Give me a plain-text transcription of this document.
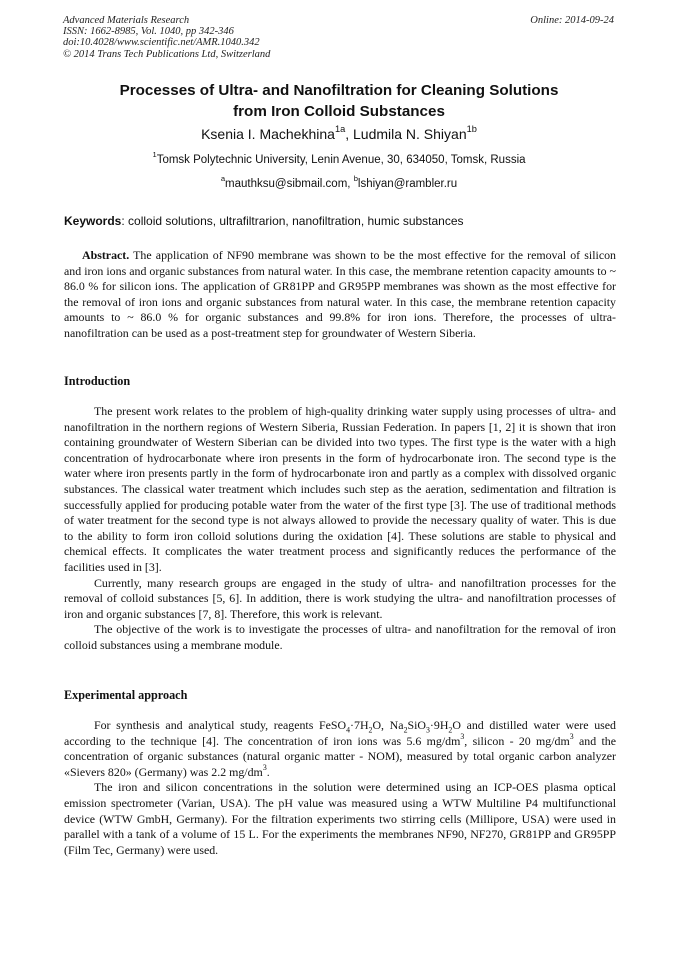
Advanced Materials Research
ISSN: 1662-8985, Vol. 1040, pp 342-346
doi:10.4028/www.scientific.net/AMR.1040.342
© 2014 Trans Tech Publications Ltd, Switzerland
Online: 2014-09-24
Processes of Ultra- and Nanofiltration for Cleaning Solutions
from Iron Colloid Substances
Ksenia I. Machekhina$^{1a}$, Ludmila N. Shiyan$^{1b}$
$^1$Tomsk Polytechnic University, Lenin Avenue, 30, 634050, Tomsk, Russia
$^a$mauthksu@sibmail.com, $^b$lshiyan@rambler.ru
Keywords: colloid solutions, ultrafiltrarion, nanofiltration, humic substances

Abstract. The application of NF90 membrane was shown to be the most effective for the removal of silicon and iron ions and organic substances from natural water. In this case, the membrane retention capacity amounts to ~ 86.0 % for silicon ions. The application of GR81PP and GR95PP membranes was shown as the most effective for the removal of iron ions and organic substances from natural water. In this case, the membrane retention capacity amounts to ~ 86.0 % for organic substances and 99.8% for iron ions. Therefore, the processes of ultra- nanofiltration can be used as a post-treatment step for groundwater of Western Siberia.

Introduction

The present work relates to the problem of high-quality drinking water supply using processes of ultra- and nanofiltration in the northern regions of Western Siberia, Russian Federation. In papers [1, 2] it is shown that iron containing groundwater of Western Siberian can be divided into two types. The first type is the water with a high concentration of hydrocarbonate where iron presents in the form of hydrocarbonate iron. The second type is the water where iron presents partly in the form of hydrocarbonate iron and partly as a complex with dissolved organic substances. The classical water treatment which includes such step as the aeration, sedimentation and filtration is successfully applied for producing potable water from the water of the first type [3]. The use of traditional methods of water treatment for the second type is not always allowed to provide the necessary quality of water. This is due to the ability to form iron colloid solutions during the oxidation [4]. These solutions are stable to physical and chemical effects. It complicates the water treatment process and significantly reduces the performance of the facilities used in [3].

Currently, many research groups are engaged in the study of ultra- and nanofiltration processes for the removal of colloid substances [5, 6]. In addition, there is work studying the ultra- and nanofiltration processes of iron and organic substances [7, 8]. Therefore, this work is relevant.

The objective of the work is to investigate the processes of ultra- and nanofiltration for the removal of iron colloid substances using a membrane module.

Experimental approach

For synthesis and analytical study, reagents $FeSO_4\cdot 7H_2O$, $Na_2SiO_3\cdot 9H_2O$ and distilled water were used according to the technique [4]. The concentration of iron ions was 5.6 $mg/dm^3$, silicon - 20 $mg/dm^3$ and the concentration of organic substances (natural organic matter - NOM), measured by total organic carbon analyzer «Sievers 820» (Germany) was 2.2 $mg/dm^3$.

The iron and silicon concentrations in the solution were determined using an ICP-OES plasma optical emission spectrometer (Varian, USA). The pH value was measured using a WTW Multiline P4 multifunctional device (WTW GmbH, Germany). For the filtration experiments two stirring cells (Millipore, USA) were used in parallel with a tank of a volume of 15 L. For the experiments the membranes NF90, NF270, GR81PP and GR95PP (Film Tec, Germany) were used.
